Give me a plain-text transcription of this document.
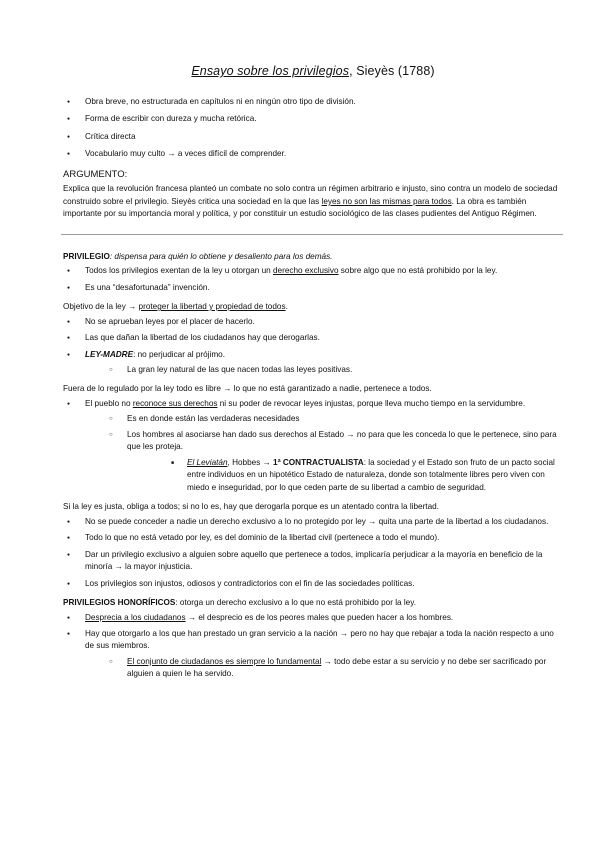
Ensayo sobre los privilegios, Sieyès (1788)
● Obra breve, no estructurada en capítulos ni en ningún otro tipo de división.
● Forma de escribir con dureza y mucha retórica.
● Crítica directa
● Vocabulario muy culto → a veces difícil de comprender.
ARGUMENTO:

Explica que la revolución francesa planteó un combate no solo contra un régimen arbitrario e injusto, sino contra un modelo de sociedad construido sobre el privilegio. Sieyès critica una sociedad en la que las leyes no son las mismas para todos. La obra es también importante por su importancia moral y política, y por constituir un estudio sociológico de las clases pudientes del Antiguo Régimen.

PRIVILEGIO: dispensa para quién lo obtiene y desaliento para los demás.

● Todos los privilegios exentan de la ley u otorgan un derecho exclusivo sobre algo que no está prohibido por la ley.
● Es una “desafortunada” invención.

Objetivo de la ley → proteger la libertad y propiedad de todos.

● No se aprueban leyes por el placer de hacerlo.
● Las que dañan la libertad de los ciudadanos hay que derogarlas.
● LEY-MADRE: no perjudicar al prójimo.
○ La gran ley natural de las que nacen todas las leyes positivas.

Fuera de lo regulado por la ley todo es libre → lo que no está garantizado a nadie, pertenece a todos.

● El pueblo no reconoce sus derechos ni su poder de revocar leyes injustas, porque lleva mucho tiempo en la servidumbre.
○ Es en donde están las verdaderas necesidades
○ Los hombres al asociarse han dado sus derechos al Estado → no para que les conceda lo que le pertenece, sino para que les proteja.
■ El Leviatán, Hobbes → 1ª CONTRACTUALISTA: la sociedad y el Estado son fruto de un pacto social entre individuos en un hipotético Estado de naturaleza, donde son totalmente libres pero viven con miedo e inseguridad, por lo que ceden parte de su libertad a cambio de seguridad.

Si la ley es justa, obliga a todos; si no lo es, hay que derogarla porque es un atentado contra la libertad.

● No se puede conceder a nadie un derecho exclusivo a lo no protegido por ley → quita una parte de la libertad a los ciudadanos.
● Todo lo que no está vetado por ley, es del dominio de la libertad civil (pertenece a todo el mundo).
● Dar un privilegio exclusivo a alguien sobre aquello que pertenece a todos, implicaría perjudicar a la mayoría en beneficio de la minoría → la mayor injusticia.
● Los privilegios son injustos, odiosos y contradictorios con el fin de las sociedades políticas.

PRIVILEGIOS HONORÍFICOS: otorga un derecho exclusivo a lo que no está prohibido por la ley.

● Desprecia a los ciudadanos → el desprecio es de los peores males que pueden hacer a los hombres.
● Hay que otorgarlo a los que han prestado un gran servicio a la nación → pero no hay que rebajar a toda la nación respecto a uno de sus miembros.
○ El conjunto de ciudadanos es siempre lo fundamental → todo debe estar a su servicio y no debe ser sacrificado por alguien a quien le ha servido.
